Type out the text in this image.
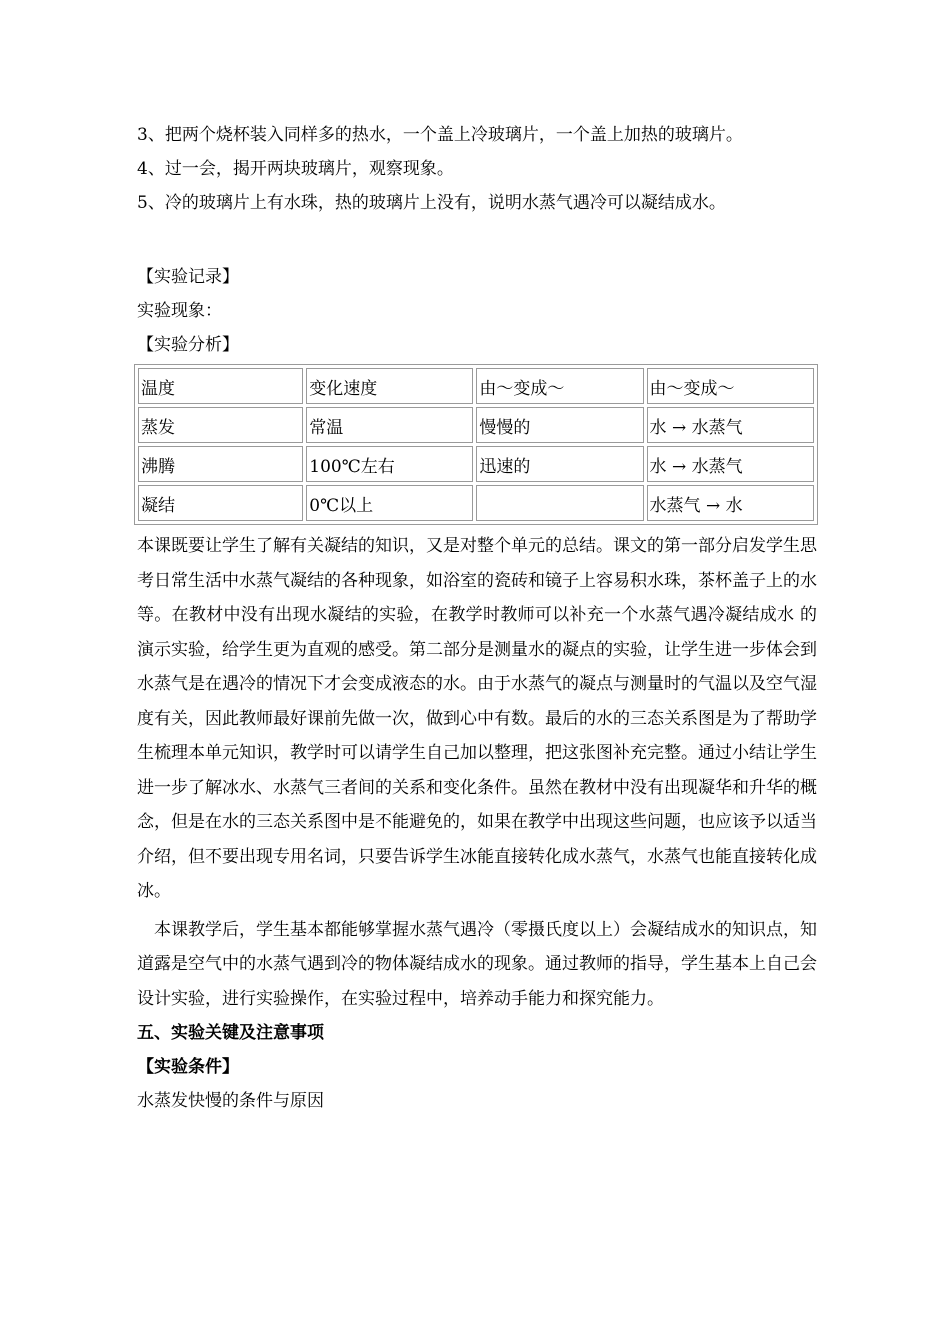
3、把两个烧杯装入同样多的热水，一个盖上冷玻璃片，一个盖上加热的玻璃片。
4、过一会，揭开两块玻璃片，观察现象。
5、冷的玻璃片上有水珠，热的玻璃片上没有，说明水蒸气遇冷可以凝结成水。
【实验记录】
实验现象：
【实验分析】
温度	变化速度	由～变成～	由～变成～
蒸发	常温	慢慢的	水 → 水蒸气
沸腾	100℃左右	迅速的	水 → 水蒸气
凝结	0℃以上		水蒸气 → 水
本课既要让学生了解有关凝结的知识，又是对整个单元的总结。课文的第一部分启发学生思考日常生活中水蒸气凝结的各种现象，如浴室的瓷砖和镜子上容易积水珠，茶杯盖子上的水等。在教材中没有出现水凝结的实验，在教学时教师可以补充一个水蒸气遇冷凝结成水 的演示实验，给学生更为直观的感受。第二部分是测量水的凝点的实验，让学生进一步体会到水蒸气是在遇冷的情况下才会变成液态的水。由于水蒸气的凝点与测量时的气温以及空气湿度有关，因此教师最好课前先做一次，做到心中有数。最后的水的三态关系图是为了帮助学生梳理本单元知识，教学时可以请学生自己加以整理，把这张图补充完整。通过小结让学生进一步了解冰水、水蒸气三者间的关系和变化条件。虽然在教材中没有出现凝华和升华的概念，但是在水的三态关系图中是不能避免的，如果在教学中出现这些问题，也应该予以适当介绍，但不要出现专用名词，只要告诉学生冰能直接转化成水蒸气，水蒸气也能直接转化成冰。
本课教学后，学生基本都能够掌握水蒸气遇冷（零摄氏度以上）会凝结成水的知识点，知道露是空气中的水蒸气遇到冷的物体凝结成水的现象。通过教师的指导，学生基本上自己会设计实验，进行实验操作，在实验过程中，培养动手能力和探究能力。
五、实验关键及注意事项
【实验条件】
水蒸发快慢的条件与原因
